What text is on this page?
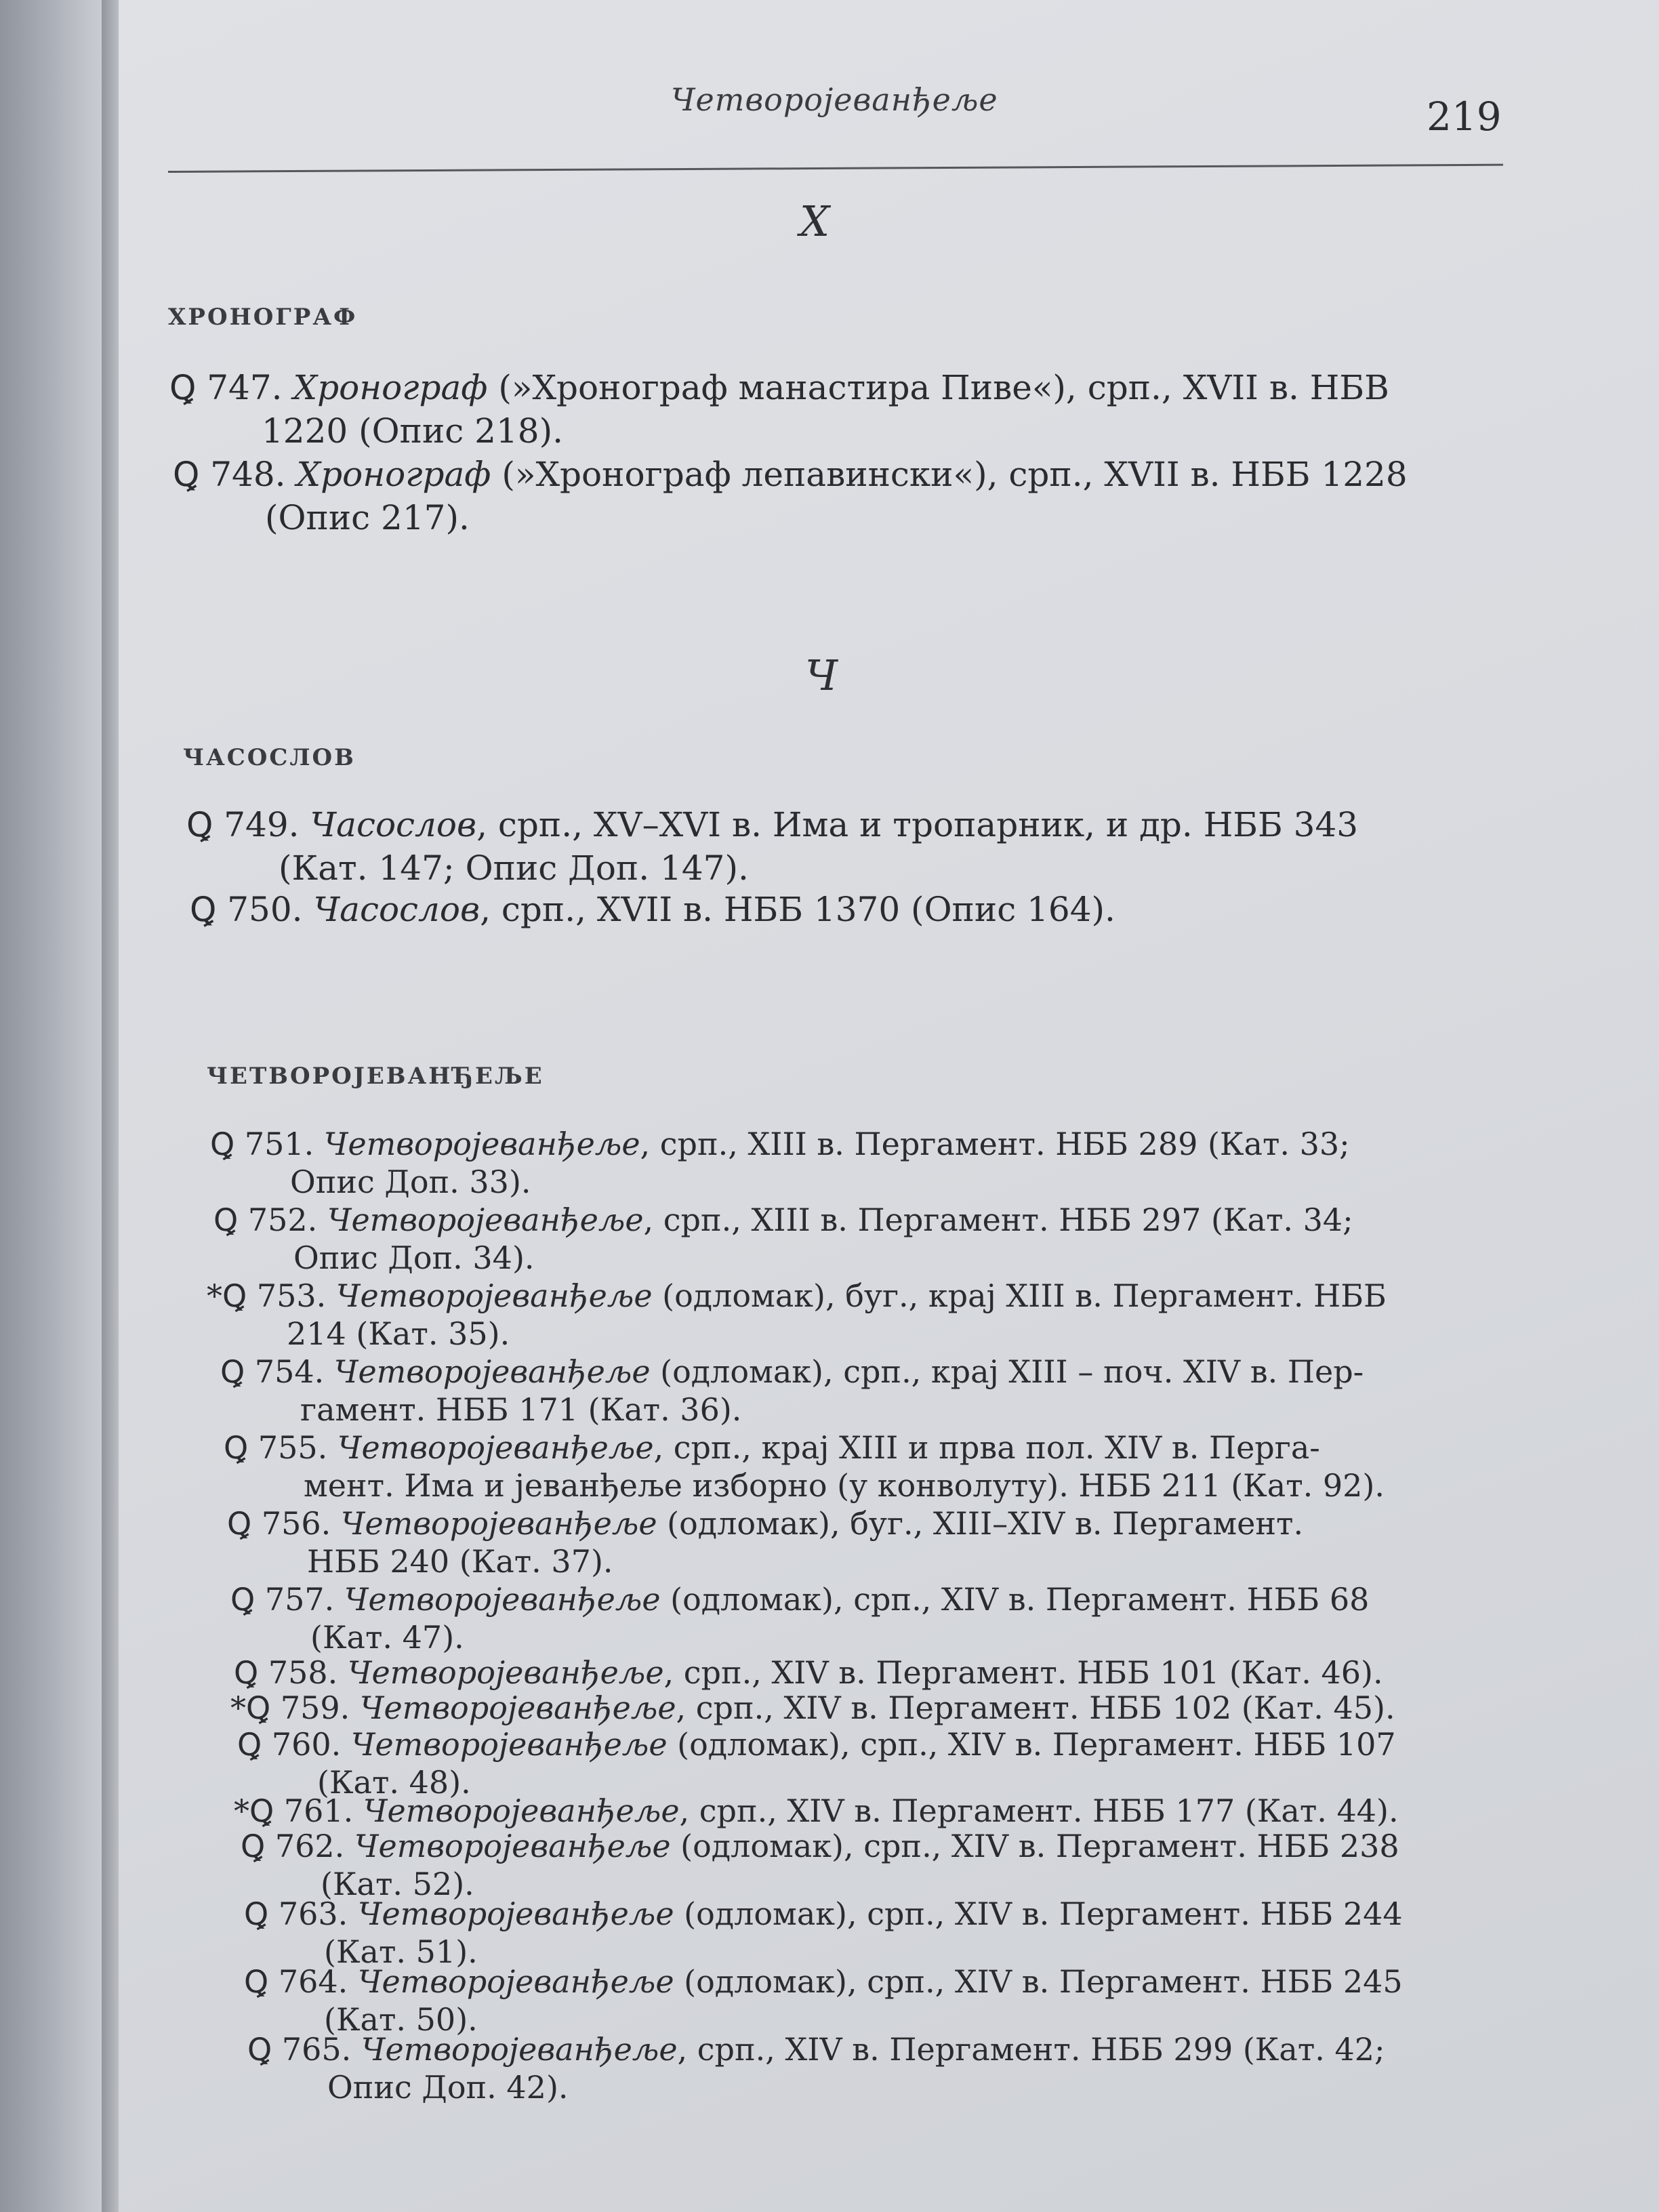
Четворојеванђеље	219
Х
ХРОНОГРАФ
Ꝗ 747. Хронограф (»Хронограф манастира Пиве«), срп., XVII в. НБВ
1220 (Опис 218).
Ꝗ 748. Хронограф (»Хронограф лепавински«), срп., XVII в. НББ 1228
(Опис 217).
Ч
ЧАСОСЛОВ
Ꝗ 749. Часослов, срп., XV–XVI в. Има и тропарник, и др. НББ 343
(Кат. 147; Опис Доп. 147).
Ꝗ 750. Часослов, срп., XVII в. НББ 1370 (Опис 164).
ЧЕТВОРОЈЕВАНЂЕЉЕ
Ꝗ 751. Четворојеванђеље, срп., XIII в. Пергамент. НББ 289 (Кат. 33;
Опис Доп. 33).
Ꝗ 752. Четворојеванђеље, срп., XIII в. Пергамент. НББ 297 (Кат. 34;
Опис Доп. 34).
*Ꝗ 753. Четворојеванђеље (одломак), буг., крај XIII в. Пергамент. НББ
214 (Кат. 35).
Ꝗ 754. Четворојеванђеље (одломак), срп., крај XIII – поч. XIV в. Пер-
гамент. НББ 171 (Кат. 36).
Ꝗ 755. Четворојеванђеље, срп., крај XIII и прва пол. XIV в. Перга-
мент. Има и јеванђеље изборно (у конволуту). НББ 211 (Кат. 92).
Ꝗ 756. Четворојеванђеље (одломак), буг., XIII–XIV в. Пергамент.
НББ 240 (Кат. 37).
Ꝗ 757. Четворојеванђеље (одломак), срп., XIV в. Пергамент. НББ 68
(Кат. 47).
Ꝗ 758. Четворојеванђеље, срп., XIV в. Пергамент. НББ 101 (Кат. 46).
*Ꝗ 759. Четворојеванђеље, срп., XIV в. Пергамент. НББ 102 (Кат. 45).
Ꝗ 760. Четворојеванђеље (одломак), срп., XIV в. Пергамент. НББ 107
(Кат. 48).
*Ꝗ 761. Четворојеванђеље, срп., XIV в. Пергамент. НББ 177 (Кат. 44).
Ꝗ 762. Четворојеванђеље (одломак), срп., XIV в. Пергамент. НББ 238
(Кат. 52).
Ꝗ 763. Четворојеванђеље (одломак), срп., XIV в. Пергамент. НББ 244
(Кат. 51).
Ꝗ 764. Четворојеванђеље (одломак), срп., XIV в. Пергамент. НББ 245
(Кат. 50).
Ꝗ 765. Четворојеванђеље, срп., XIV в. Пергамент. НББ 299 (Кат. 42;
Опис Доп. 42).
